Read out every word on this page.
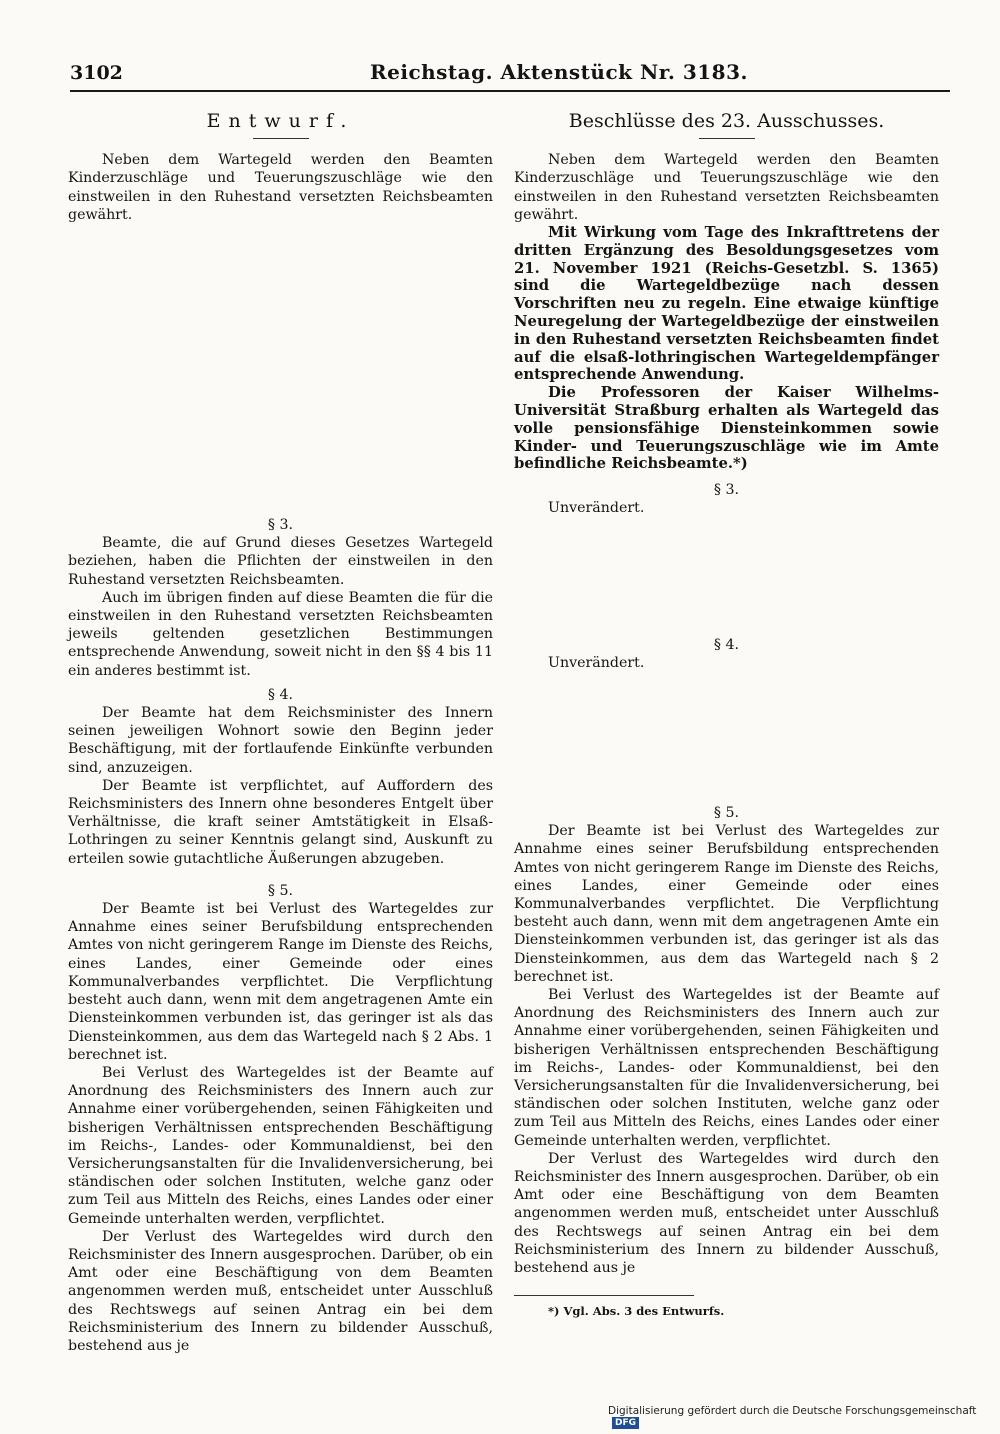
3102	Reichstag. Aktenstück Nr. 3183.
Entwurf.

Neben dem Wartegeld werden den Beamten Kinderzuschläge und Teuerungszuschläge wie den einstweilen in den Ruhestand versetzten Reichsbeamten gewährt.

§ 3.

Beamte, die auf Grund dieses Gesetzes Wartegeld beziehen, haben die Pflichten der einstweilen in den Ruhestand versetzten Reichsbeamten.

Auch im übrigen finden auf diese Beamten die für die einstweilen in den Ruhestand versetzten Reichsbeamten jeweils geltenden gesetzlichen Bestimmungen entsprechende Anwendung, soweit nicht in den §§ 4 bis 11 ein anderes bestimmt ist.

§ 4.

Der Beamte hat dem Reichsminister des Innern seinen jeweiligen Wohnort sowie den Beginn jeder Beschäftigung, mit der fortlaufende Einkünfte verbunden sind, anzuzeigen.

Der Beamte ist verpflichtet, auf Auffordern des Reichsministers des Innern ohne besonderes Entgelt über Verhältnisse, die kraft seiner Amtstätigkeit in Elsaß-Lothringen zu seiner Kenntnis gelangt sind, Auskunft zu erteilen sowie gutachtliche Äußerungen abzugeben.

§ 5.

Der Beamte ist bei Verlust des Wartegeldes zur Annahme eines seiner Berufsbildung entsprechenden Amtes von nicht geringerem Range im Dienste des Reichs, eines Landes, einer Gemeinde oder eines Kommunalverbandes verpflichtet. Die Verpflichtung besteht auch dann, wenn mit dem angetragenen Amte ein Diensteinkommen verbunden ist, das geringer ist als das Diensteinkommen, aus dem das Wartegeld nach § 2 Abs. 1 berechnet ist.

Bei Verlust des Wartegeldes ist der Beamte auf Anordnung des Reichsministers des Innern auch zur Annahme einer vorübergehenden, seinen Fähigkeiten und bisherigen Verhältnissen entsprechenden Beschäftigung im Reichs-, Landes- oder Kommunaldienst, bei den Versicherungsanstalten für die Invalidenversicherung, bei ständischen oder solchen Instituten, welche ganz oder zum Teil aus Mitteln des Reichs, eines Landes oder einer Gemeinde unterhalten werden, verpflichtet.

Der Verlust des Wartegeldes wird durch den Reichsminister des Innern ausgesprochen. Darüber, ob ein Amt oder eine Beschäftigung von dem Beamten angenommen werden muß, entscheidet unter Ausschluß des Rechtswegs auf seinen Antrag ein bei dem Reichsministerium des Innern zu bildender Ausschuß, bestehend aus je

Beschlüsse des 23. Ausschusses.

Neben dem Wartegeld werden den Beamten Kinderzuschläge und Teuerungszuschläge wie den einstweilen in den Ruhestand versetzten Reichsbeamten gewährt.

Mit Wirkung vom Tage des Inkrafttretens der dritten Ergänzung des Besoldungsgesetzes vom 21. November 1921 (Reichs-Gesetzbl. S. 1365) sind die Wartegeldbezüge nach dessen Vorschriften neu zu regeln. Eine etwaige künftige Neuregelung der Wartegeldbezüge der einstweilen in den Ruhestand versetzten Reichsbeamten findet auf die elsaß-lothringischen Wartegeldempfänger entsprechende Anwendung.

Die Professoren der Kaiser Wilhelms-Universität Straßburg erhalten als Wartegeld das volle pensionsfähige Diensteinkommen sowie Kinder- und Teuerungszuschläge wie im Amte befindliche Reichsbeamte.*)

§ 3.
Unverändert.
§ 4.
Unverändert.
§ 5.

Der Beamte ist bei Verlust des Wartegeldes zur Annahme eines seiner Berufsbildung entsprechenden Amtes von nicht geringerem Range im Dienste des Reichs, eines Landes, einer Gemeinde oder eines Kommunalverbandes verpflichtet. Die Verpflichtung besteht auch dann, wenn mit dem angetragenen Amte ein Diensteinkommen verbunden ist, das geringer ist als das Diensteinkommen, aus dem das Wartegeld nach § 2 berechnet ist.

Bei Verlust des Wartegeldes ist der Beamte auf Anordnung des Reichsministers des Innern auch zur Annahme einer vorübergehenden, seinen Fähigkeiten und bisherigen Verhältnissen entsprechenden Beschäftigung im Reichs-, Landes- oder Kommunaldienst, bei den Versicherungsanstalten für die Invalidenversicherung, bei ständischen oder solchen Instituten, welche ganz oder zum Teil aus Mitteln des Reichs, eines Landes oder einer Gemeinde unterhalten werden, verpflichtet.

Der Verlust des Wartegeldes wird durch den Reichsminister des Innern ausgesprochen. Darüber, ob ein Amt oder eine Beschäftigung von dem Beamten angenommen werden muß, entscheidet unter Ausschluß des Rechtswegs auf seinen Antrag ein bei dem Reichsministerium des Innern zu bildender Ausschuß, bestehend aus je

*) Vgl. Abs. 3 des Entwurfs.
Digitalisierung gefördert durch die Deutsche Forschungsgemeinschaft DFG
